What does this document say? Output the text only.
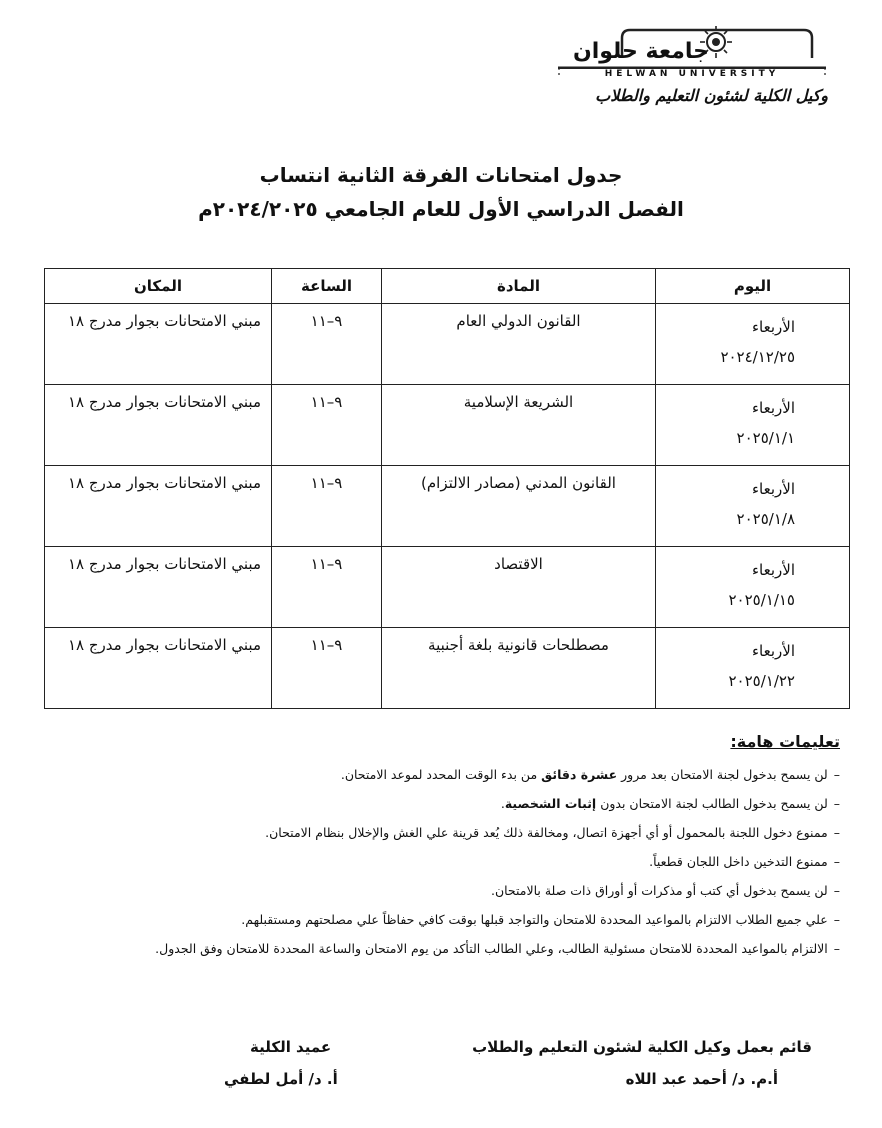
جامعة حلوان
HELWAN UNIVERSITY
وكيل الكلية لشئون التعليم والطلاب
جدول امتحانات الفرقة الثانية انتساب
الفصل الدراسي الأول للعام الجامعي ٢٠٢٤/٢٠٢٥م
اليوم	المادة	الساعة	المكان
الأربعاء
٢٠٢٤/١٢/٢٥	القانون الدولي العام	٩–١١	مبني الامتحانات بجوار مدرج ١٨
الأربعاء
٢٠٢٥/١/١	الشريعة الإسلامية	٩–١١	مبني الامتحانات بجوار مدرج ١٨
الأربعاء
٢٠٢٥/١/٨	القانون المدني (مصادر الالتزام)	٩–١١	مبني الامتحانات بجوار مدرج ١٨
الأربعاء
٢٠٢٥/١/١٥	الاقتصاد	٩–١١	مبني الامتحانات بجوار مدرج ١٨
الأربعاء
٢٠٢٥/١/٢٢	مصطلحات قانونية بلغة أجنبية	٩–١١	مبني الامتحانات بجوار مدرج ١٨
تعليمات هامة:
–لن يسمح بدخول لجنة الامتحان بعد مرور عشرة دقائق من بدء الوقت المحدد لموعد الامتحان.
–لن يسمح بدخول الطالب لجنة الامتحان بدون إثبات الشخصية.
–ممنوع دخول اللجنة بالمحمول أو أي أجهزة اتصال، ومخالفة ذلك يُعد قرينة علي الغش والإخلال بنظام الامتحان.
–ممنوع التدخين داخل اللجان قطعياً.
–لن يسمح بدخول أي كتب أو مذكرات أو أوراق ذات صلة بالامتحان.
–علي جميع الطلاب الالتزام بالمواعيد المحددة للامتحان والتواجد قبلها بوقت كافي حفاظاً علي مصلحتهم ومستقبلهم.
–الالتزام بالمواعيد المحددة للامتحان مسئولية الطالب، وعلي الطالب التأكد من يوم الامتحان والساعة المحددة للامتحان وفق الجدول.
قائم بعمل وكيل الكلية لشئون التعليم والطلاب
أ.م. د/ أحمد عبد اللاه
عميد الكلية
أ. د/ أمل لطفي
